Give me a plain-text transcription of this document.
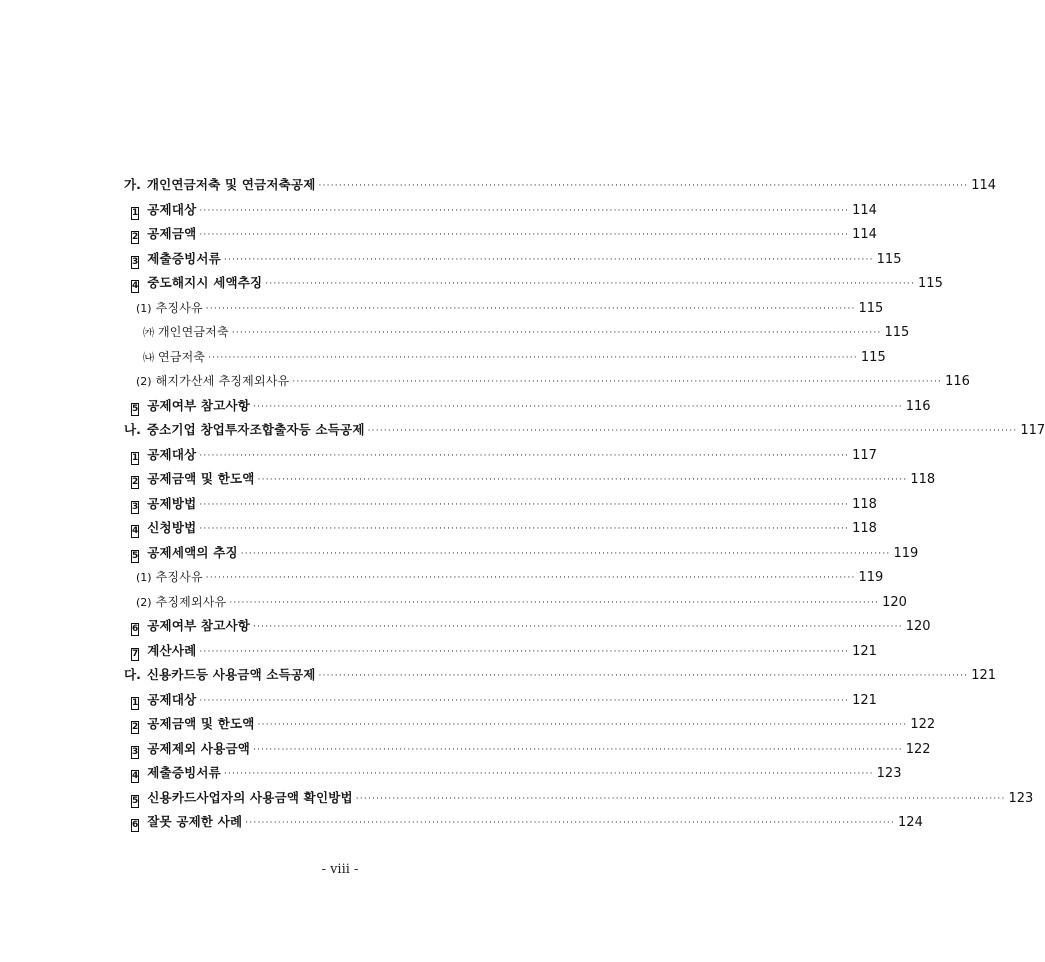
가. 개인연금저축 및 연금저축공제 ································································································································································ 114
1 공제대상 ································································································································································ 114
2 공제금액 ································································································································································ 114
3 제출증빙서류 ································································································································································ 115
4 중도해지시 세액추징 ································································································································································ 115
(1) 추징사유 ································································································································································ 115
㈎ 개인연금저축 ································································································································································ 115
㈏ 연금저축 ································································································································································ 115
(2) 해지가산세 추징제외사유 ································································································································································ 116
5 공제여부 참고사항 ································································································································································ 116
나. 중소기업 창업투자조합출자등 소득공제 ································································································································································ 117
1 공제대상 ································································································································································ 117
2 공제금액 및 한도액 ································································································································································ 118
3 공제방법 ································································································································································ 118
4 신청방법 ································································································································································ 118
5 공제세액의 추징 ································································································································································ 119
(1) 추징사유 ································································································································································ 119
(2) 추징제외사유 ································································································································································ 120
6 공제여부 참고사항 ································································································································································ 120
7 계산사례 ································································································································································ 121
다. 신용카드등 사용금액 소득공제 ································································································································································ 121
1 공제대상 ································································································································································ 121
2 공제금액 및 한도액 ································································································································································ 122
3 공제제외 사용금액 ································································································································································ 122
4 제출증빙서류 ································································································································································ 123
5 신용카드사업자의 사용금액 확인방법 ································································································································································ 123
6 잘못 공제한 사례 ································································································································································ 124
- viii -
